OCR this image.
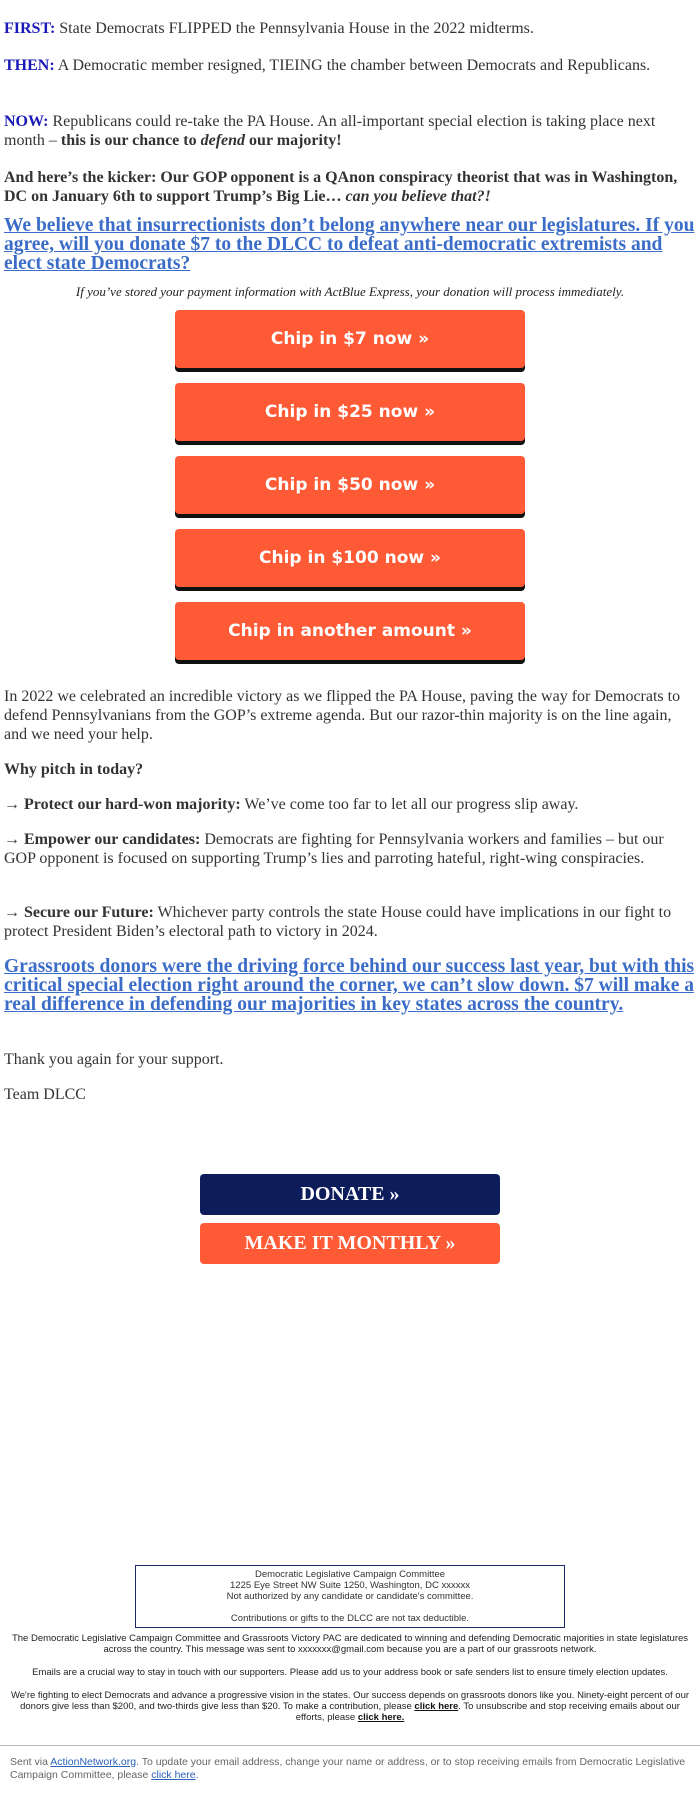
FIRST: State Democrats FLIPPED the Pennsylvania House in the 2022 midterms.

THEN: A Democratic member resigned, TIEING the chamber between Democrats and Republicans.

NOW: Republicans could re-take the PA House. An all-important special election is taking place next month – this is our chance to defend our majority!

And here’s the kicker: Our GOP opponent is a QAnon conspiracy theorist that was in Washington, DC on January 6th to support Trump’s Big Lie… can you believe that?!

We believe that insurrectionists don’t belong anywhere near our legislatures. If you agree, will you donate $7 to the DLCC to defeat anti-democratic extremists and elect state Democrats?

If you’ve stored your payment information with ActBlue Express, your donation will process immediately.
Chip in $7 now »
Chip in $25 now »
Chip in $50 now »
Chip in $100 now »
Chip in another amount »

In 2022 we celebrated an incredible victory as we flipped the PA House, paving the way for Democrats to defend Pennsylvanians from the GOP’s extreme agenda. But our razor-thin majority is on the line again, and we need your help.

Why pitch in today?

→ Protect our hard-won majority: We’ve come too far to let all our progress slip away.

→ Empower our candidates: Democrats are fighting for Pennsylvania workers and families – but our GOP opponent is focused on supporting Trump’s lies and parroting hateful, right-wing conspiracies.

→ Secure our Future: Whichever party controls the state House could have implications in our fight to protect President Biden’s electoral path to victory in 2024.

Grassroots donors were the driving force behind our success last year, but with this critical special election right around the corner, we can’t slow down. $7 will make a real difference in defending our majorities in key states across the country.

Thank you again for your support.

Team DLCC

DONATE »
MAKE IT MONTHLY »
Democratic Legislative Campaign Committee
1225 Eye Street NW Suite 1250, Washington, DC xxxxxx
Not authorized by any candidate or candidate's committee.
Contributions or gifts to the DLCC are not tax deductible.
The Democratic Legislative Campaign Committee and Grassroots Victory PAC are dedicated to winning and defending Democratic majorities in state legislatures across the country. This message was sent to xxxxxxx@gmail.com because you are a part of our grassroots network.
Emails are a crucial way to stay in touch with our supporters. Please add us to your address book or safe senders list to ensure timely election updates.
We're fighting to elect Democrats and advance a progressive vision in the states. Our success depends on grassroots donors like you. Ninety-eight percent of our donors give less than $200, and two-thirds give less than $20. To make a contribution, please click here. To unsubscribe and stop receiving emails about our efforts, please click here.
Sent via ActionNetwork.org. To update your email address, change your name or address, or to stop receiving emails from Democratic Legislative Campaign Committee, please click here.
